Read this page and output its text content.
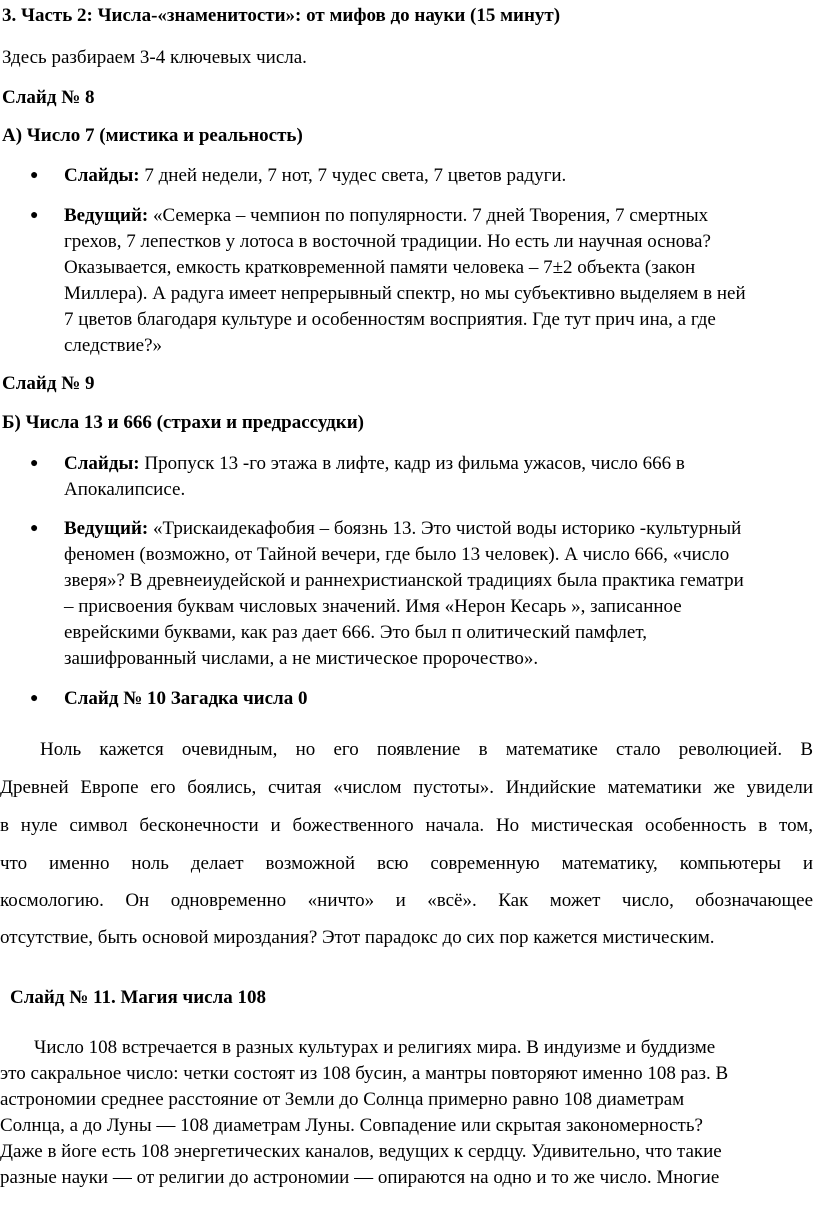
3. Часть 2: Числа-«знаменитости»: от мифов до науки (15 минут)
Здесь разбираем 3-4 ключевых числа.
Слайд № 8
А) Число 7 (мистика и реальность)
● Слайды: 7 дней недели, 7 нот, 7 чудес света, 7 цветов радуги.
● Ведущий: «Семерка – чемпион по популярности. 7 дней Творения, 7 смертных
грехов, 7 лепестков у лотоса в восточной традиции. Но есть ли научная основа?
Оказывается, емкость кратковременной памяти человека – 7±2 объекта (закон
Миллера). А радуга имеет непрерывный спектр, но мы субъективно выделяем в ней
7 цветов благодаря культуре и особенностям восприятия. Где тут прич ина, а где
следствие?»
Слайд № 9
Б) Числа 13 и 666 (страхи и предрассудки)
● Слайды: Пропуск 13 -го этажа в лифте, кадр из фильма ужасов, число 666 в
Апокалипсисе.
● Ведущий: «Трискаидекафобия – боязнь 13. Это чистой воды историко -культурный
феномен (возможно, от Тайной вечери, где было 13 человек). А число 666, «число
зверя»? В древнеиудейской и раннехристианской традициях была практика гематри
– присвоения буквам числовых значений. Имя «Нерон Кесарь », записанное
еврейскими буквами, как раз дает 666. Это был п олитический памфлет,
зашифрованный числами, а не мистическое пророчество».
● Слайд № 10 Загадка числа 0
Ноль кажется очевидным, но его появление в математике стало революцией. В
Древней Европе его боялись, считая «числом пустоты». Индийские математики же увидели
в нуле символ бесконечности и божественного начала. Но мистическая особенность в том,
что именно ноль делает возможной всю современную математику, компьютеры и
космологию. Он одновременно «ничто» и «всё». Как может число, обозначающее
отсутствие, быть основой мироздания? Этот парадокс до сих пор кажется мистическим.
Слайд № 11. Магия числа 108
Число 108 встречается в разных культурах и религиях мира. В индуизме и буддизме
это сакральное число: четки состоят из 108 бусин, а мантры повторяют именно 108 раз. В
астрономии среднее расстояние от Земли до Солнца примерно равно 108 диаметрам
Солнца, а до Луны — 108 диаметрам Луны. Совпадение или скрытая закономерность?
Даже в йоге есть 108 энергетических каналов, ведущих к сердцу. Удивительно, что такие
разные науки — от религии до астрономии — опираются на одно и то же число. Многие
